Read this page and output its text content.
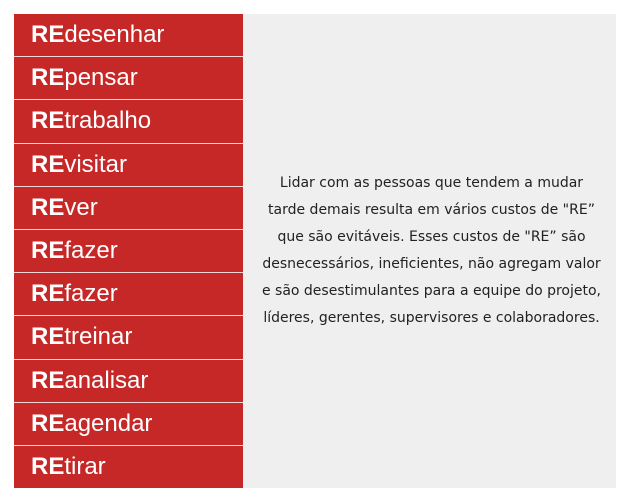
RE desenhar
RE pensar
RE trabalho
RE visitar
RE ver
RE fazer
RE fazer
RE treinar
RE analisar
RE agendar
RE tirar
Lidar com as pessoas que tendem a mudar tarde demais resulta em vários custos de "RE” que são evitáveis. Esses custos de "RE” são desnecessários, ineficientes, não agregam valor e são desestimulantes para a equipe do projeto, líderes, gerentes, supervisores e colaboradores.
